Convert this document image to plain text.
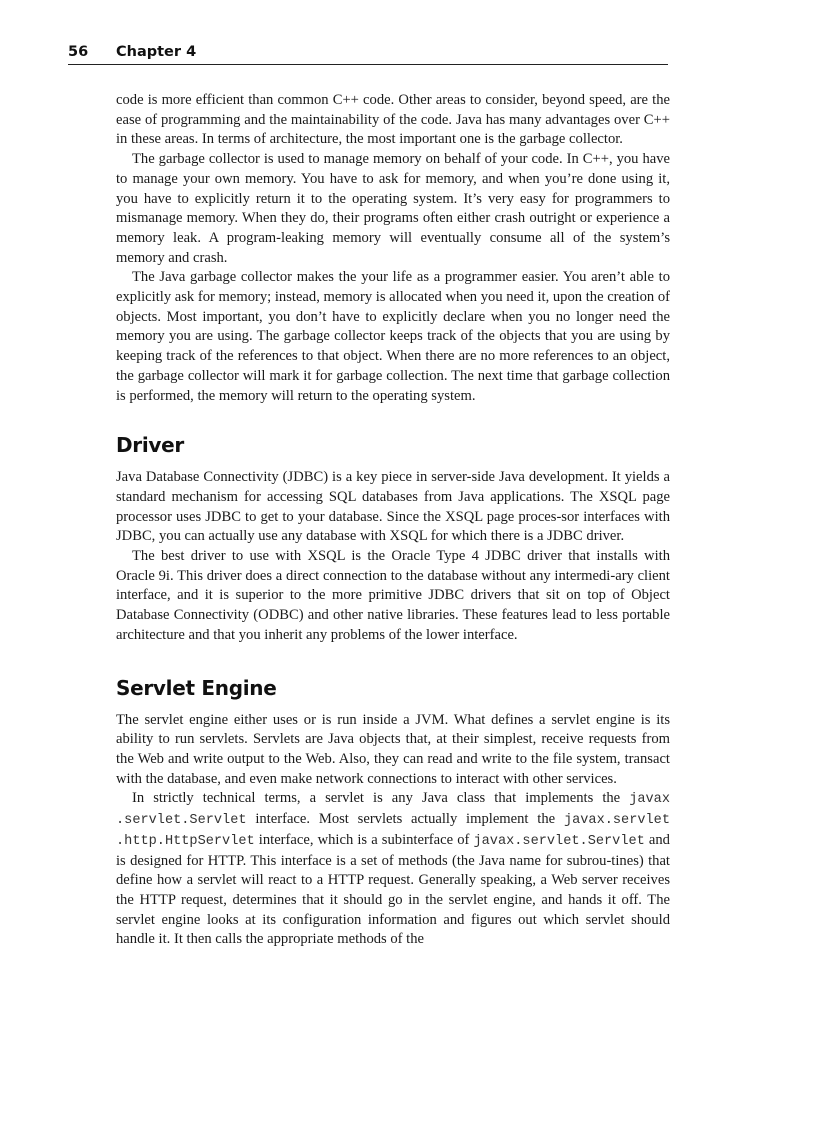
56 Chapter 4

code is more efficient than common C++ code. Other areas to consider, beyond speed, are the ease of programming and the maintainability of the code. Java has many advantages over C++ in these areas. In terms of architecture, the most important one is the garbage collector.

The garbage collector is used to manage memory on behalf of your code. In C++, you have to manage your own memory. You have to ask for memory, and when you’re done using it, you have to explicitly return it to the operating system. It’s very easy for programmers to mismanage memory. When they do, their programs often either crash outright or experience a memory leak. A program-leaking memory will eventually consume all of the system’s memory and crash.

The Java garbage collector makes the your life as a programmer easier. You aren’t able to explicitly ask for memory; instead, memory is allocated when you need it, upon the creation of objects. Most important, you don’t have to explicitly declare when you no longer need the memory you are using. The garbage collector keeps track of the objects that you are using by keeping track of the references to that object. When there are no more references to an object, the garbage collector will mark it for garbage collection. The next time that garbage collection is performed, the memory will return to the operating system.

Driver

Java Database Connectivity (JDBC) is a key piece in server-side Java development. It yields a standard mechanism for accessing SQL databases from Java applications. The XSQL page processor uses JDBC to get to your database. Since the XSQL page proces-sor interfaces with JDBC, you can actually use any database with XSQL for which there is a JDBC driver.

The best driver to use with XSQL is the Oracle Type 4 JDBC driver that installs with Oracle 9i. This driver does a direct connection to the database without any intermedi-ary client interface, and it is superior to the more primitive JDBC drivers that sit on top of Object Database Connectivity (ODBC) and other native libraries. These features lead to less portable architecture and that you inherit any problems of the lower interface.

Servlet Engine

The servlet engine either uses or is run inside a JVM. What defines a servlet engine is its ability to run servlets. Servlets are Java objects that, at their simplest, receive requests from the Web and write output to the Web. Also, they can read and write to the file system, transact with the database, and even make network connections to interact with other services.

In strictly technical terms, a servlet is any Java class that implements the javax .servlet.Servlet interface. Most servlets actually implement the javax.servlet .http.HttpServlet interface, which is a subinterface of javax.servlet.Servlet and is designed for HTTP. This interface is a set of methods (the Java name for subrou-tines) that define how a servlet will react to a HTTP request. Generally speaking, a Web server receives the HTTP request, determines that it should go in the servlet engine, and hands it off. The servlet engine looks at its configuration information and figures out which servlet should handle it. It then calls the appropriate methods of the
